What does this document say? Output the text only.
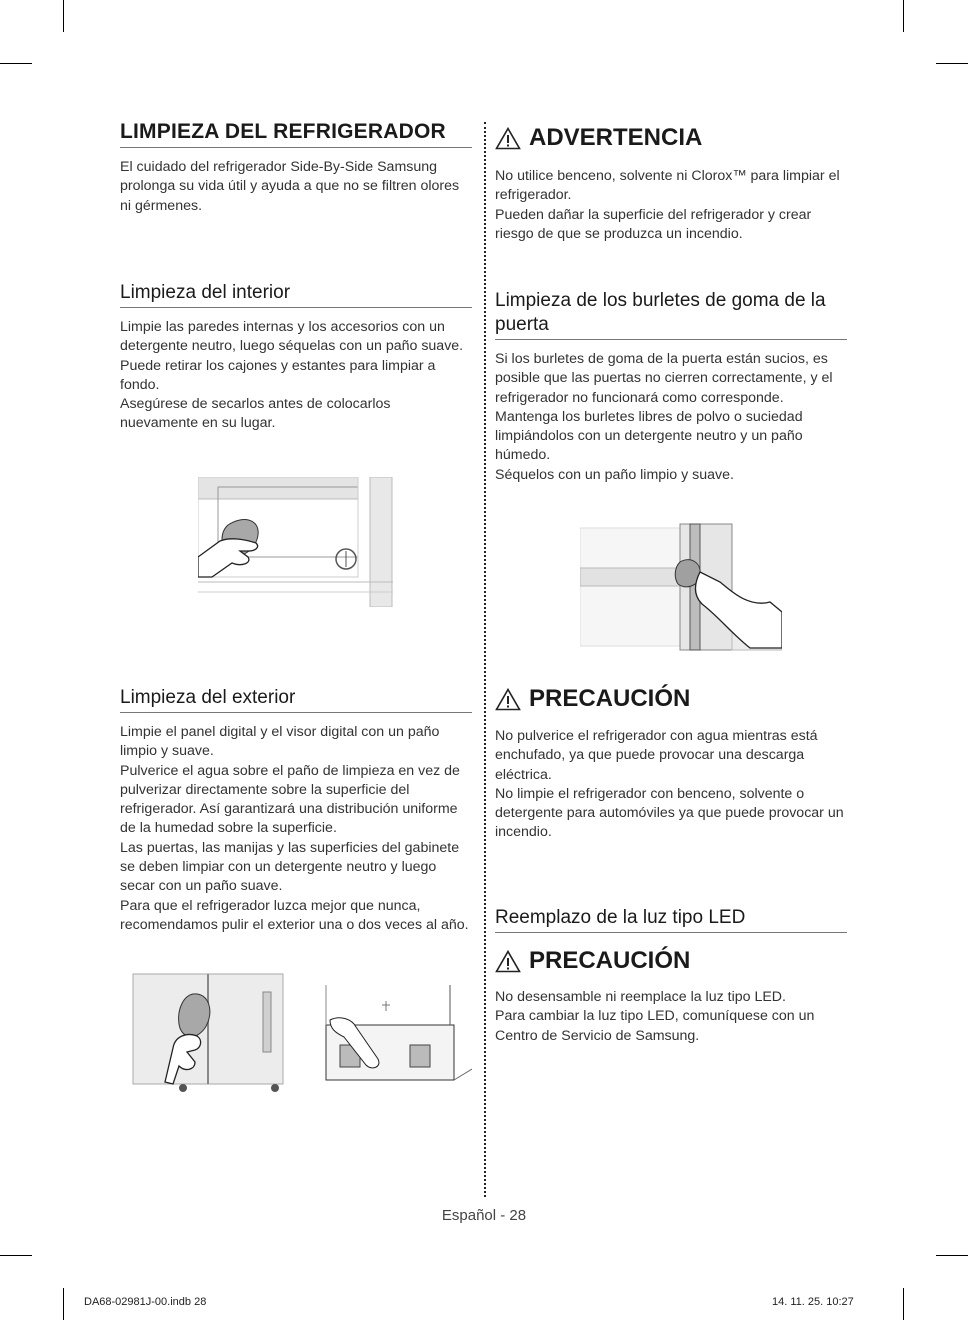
LIMPIEZA DEL REFRIGERADOR

El cuidado del refrigerador Side-By-Side Samsung prolonga su vida útil y ayuda a que no se filtren olores ni gérmenes.

Limpieza del interior

Limpie las paredes internas y los accesorios con un detergente neutro, luego séquelas con un paño suave.

Puede retirar los cajones y estantes para limpiar a fondo.

Asegúrese de secarlos antes de colocarlos nuevamente en su lugar.

Limpieza del exterior

Limpie el panel digital y el visor digital con un paño limpio y suave.

Pulverice el agua sobre el paño de limpieza en vez de pulverizar directamente sobre la superficie del refrigerador. Así garantizará una distribución uniforme de la humedad sobre la superficie.

Las puertas, las manijas y las superficies del gabinete se deben limpiar con un detergente neutro y luego secar con un paño suave.

Para que el refrigerador luzca mejor que nunca, recomendamos pulir el exterior una o dos veces al año.

ADVERTENCIA

No utilice benceno, solvente ni Clorox™ para limpiar el refrigerador.

Pueden dañar la superficie del refrigerador y crear riesgo de que se produzca un incendio.

Limpieza de los burletes de goma de la puerta

Si los burletes de goma de la puerta están sucios, es posible que las puertas no cierren correctamente, y el refrigerador no funcionará como corresponde.

Mantenga los burletes libres de polvo o suciedad limpiándolos con un detergente neutro y un paño húmedo.

Séquelos con un paño limpio y suave.

PRECAUCIÓN

No pulverice el refrigerador con agua mientras está enchufado, ya que puede provocar una descarga eléctrica.

No limpie el refrigerador con benceno, solvente o detergente para automóviles ya que puede provocar un incendio.

Reemplazo de la luz tipo LED
PRECAUCIÓN

No desensamble ni reemplace la luz tipo LED.

Para cambiar la luz tipo LED, comuníquese con un Centro de Servicio de Samsung.

Español - 28
DA68-02981J-00.indb 28	14. 11. 25. 10:27
